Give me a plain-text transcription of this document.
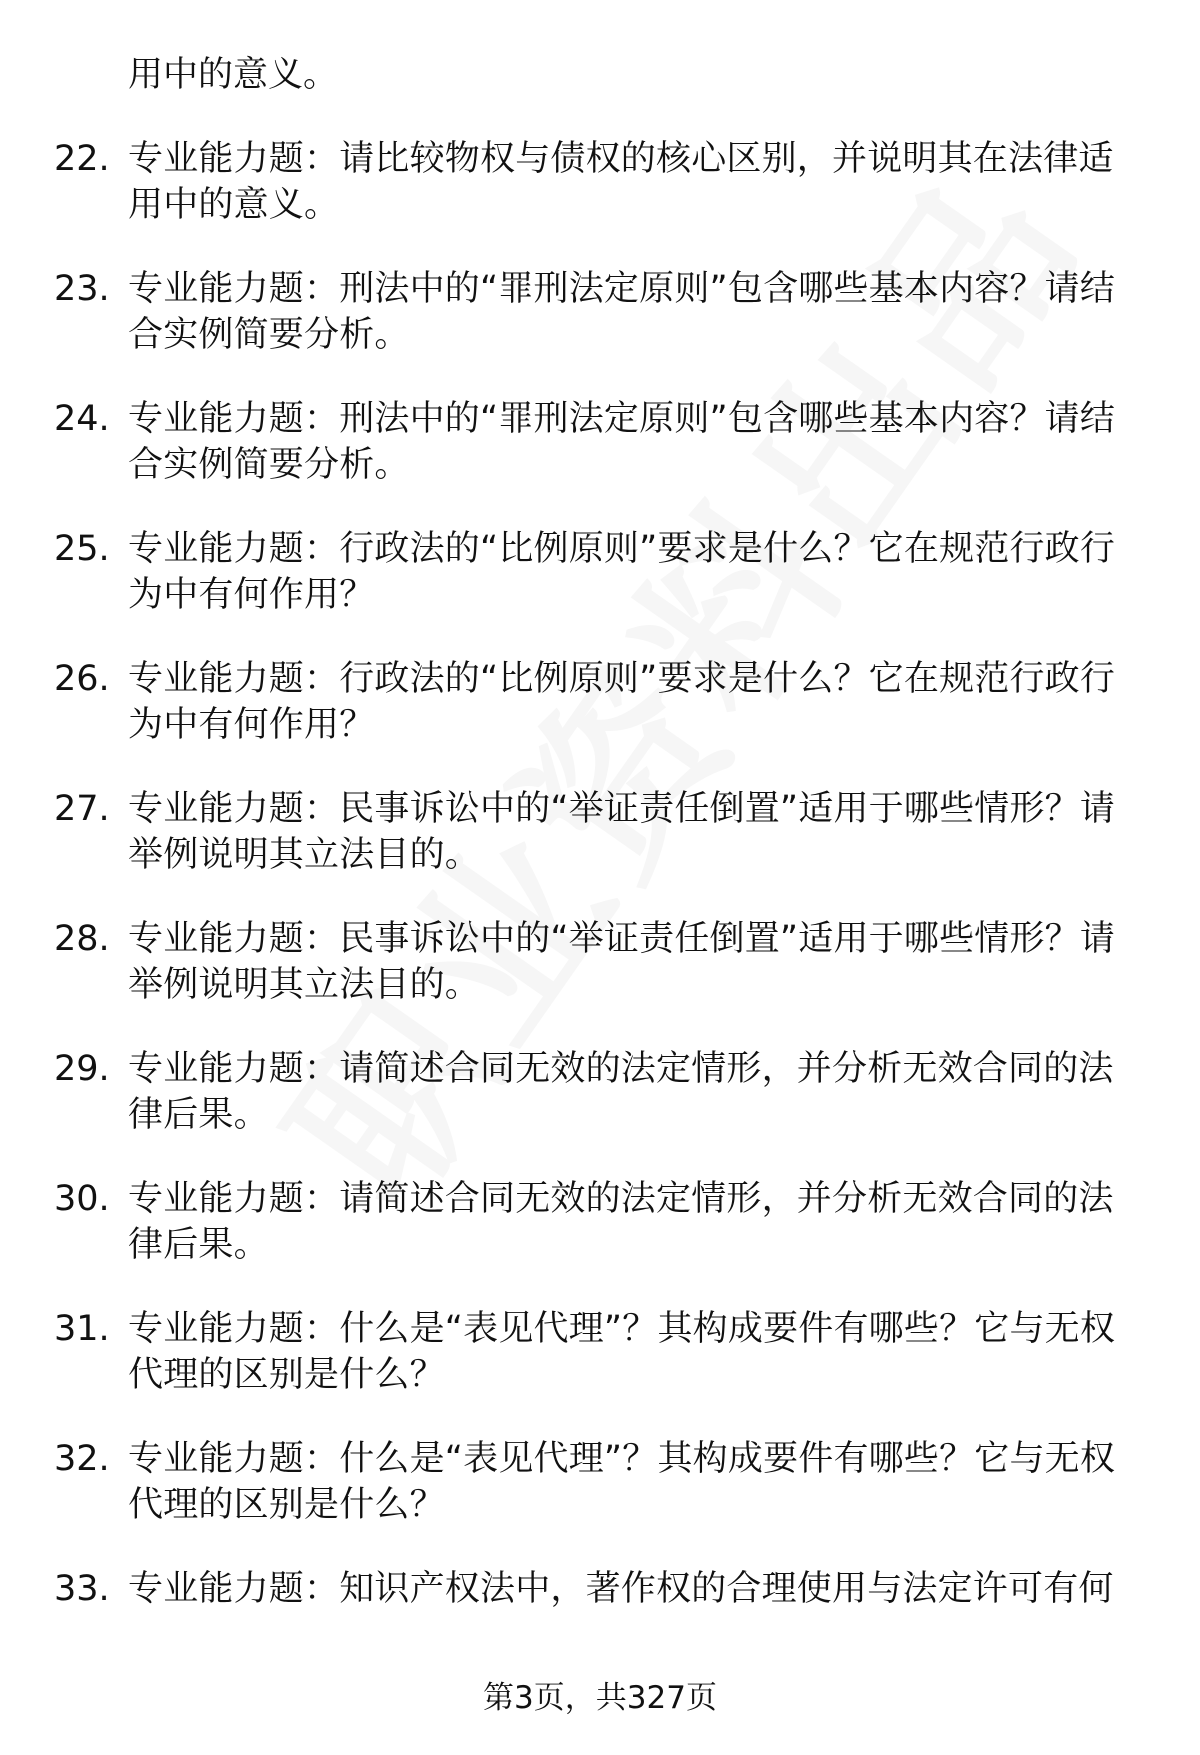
用中的意义。
22. 专业能力题：请比较物权与债权的核心区别，并说明其在法律适用中的意义。
23. 专业能力题：刑法中的“罪刑法定原则”包含哪些基本内容？请结合实例简要分析。
24. 专业能力题：刑法中的“罪刑法定原则”包含哪些基本内容？请结合实例简要分析。
25. 专业能力题：行政法的“比例原则”要求是什么？它在规范行政行为中有何作用？
26. 专业能力题：行政法的“比例原则”要求是什么？它在规范行政行为中有何作用？
27. 专业能力题：民事诉讼中的“举证责任倒置”适用于哪些情形？请举例说明其立法目的。
28. 专业能力题：民事诉讼中的“举证责任倒置”适用于哪些情形？请举例说明其立法目的。
29. 专业能力题：请简述合同无效的法定情形，并分析无效合同的法律后果。
30. 专业能力题：请简述合同无效的法定情形，并分析无效合同的法律后果。
31. 专业能力题：什么是“表见代理”？其构成要件有哪些？它与无权代理的区别是什么？
32. 专业能力题：什么是“表见代理”？其构成要件有哪些？它与无权代理的区别是什么？
33. 专业能力题：知识产权法中，著作权的合理使用与法定许可有何
第3页，共327页
